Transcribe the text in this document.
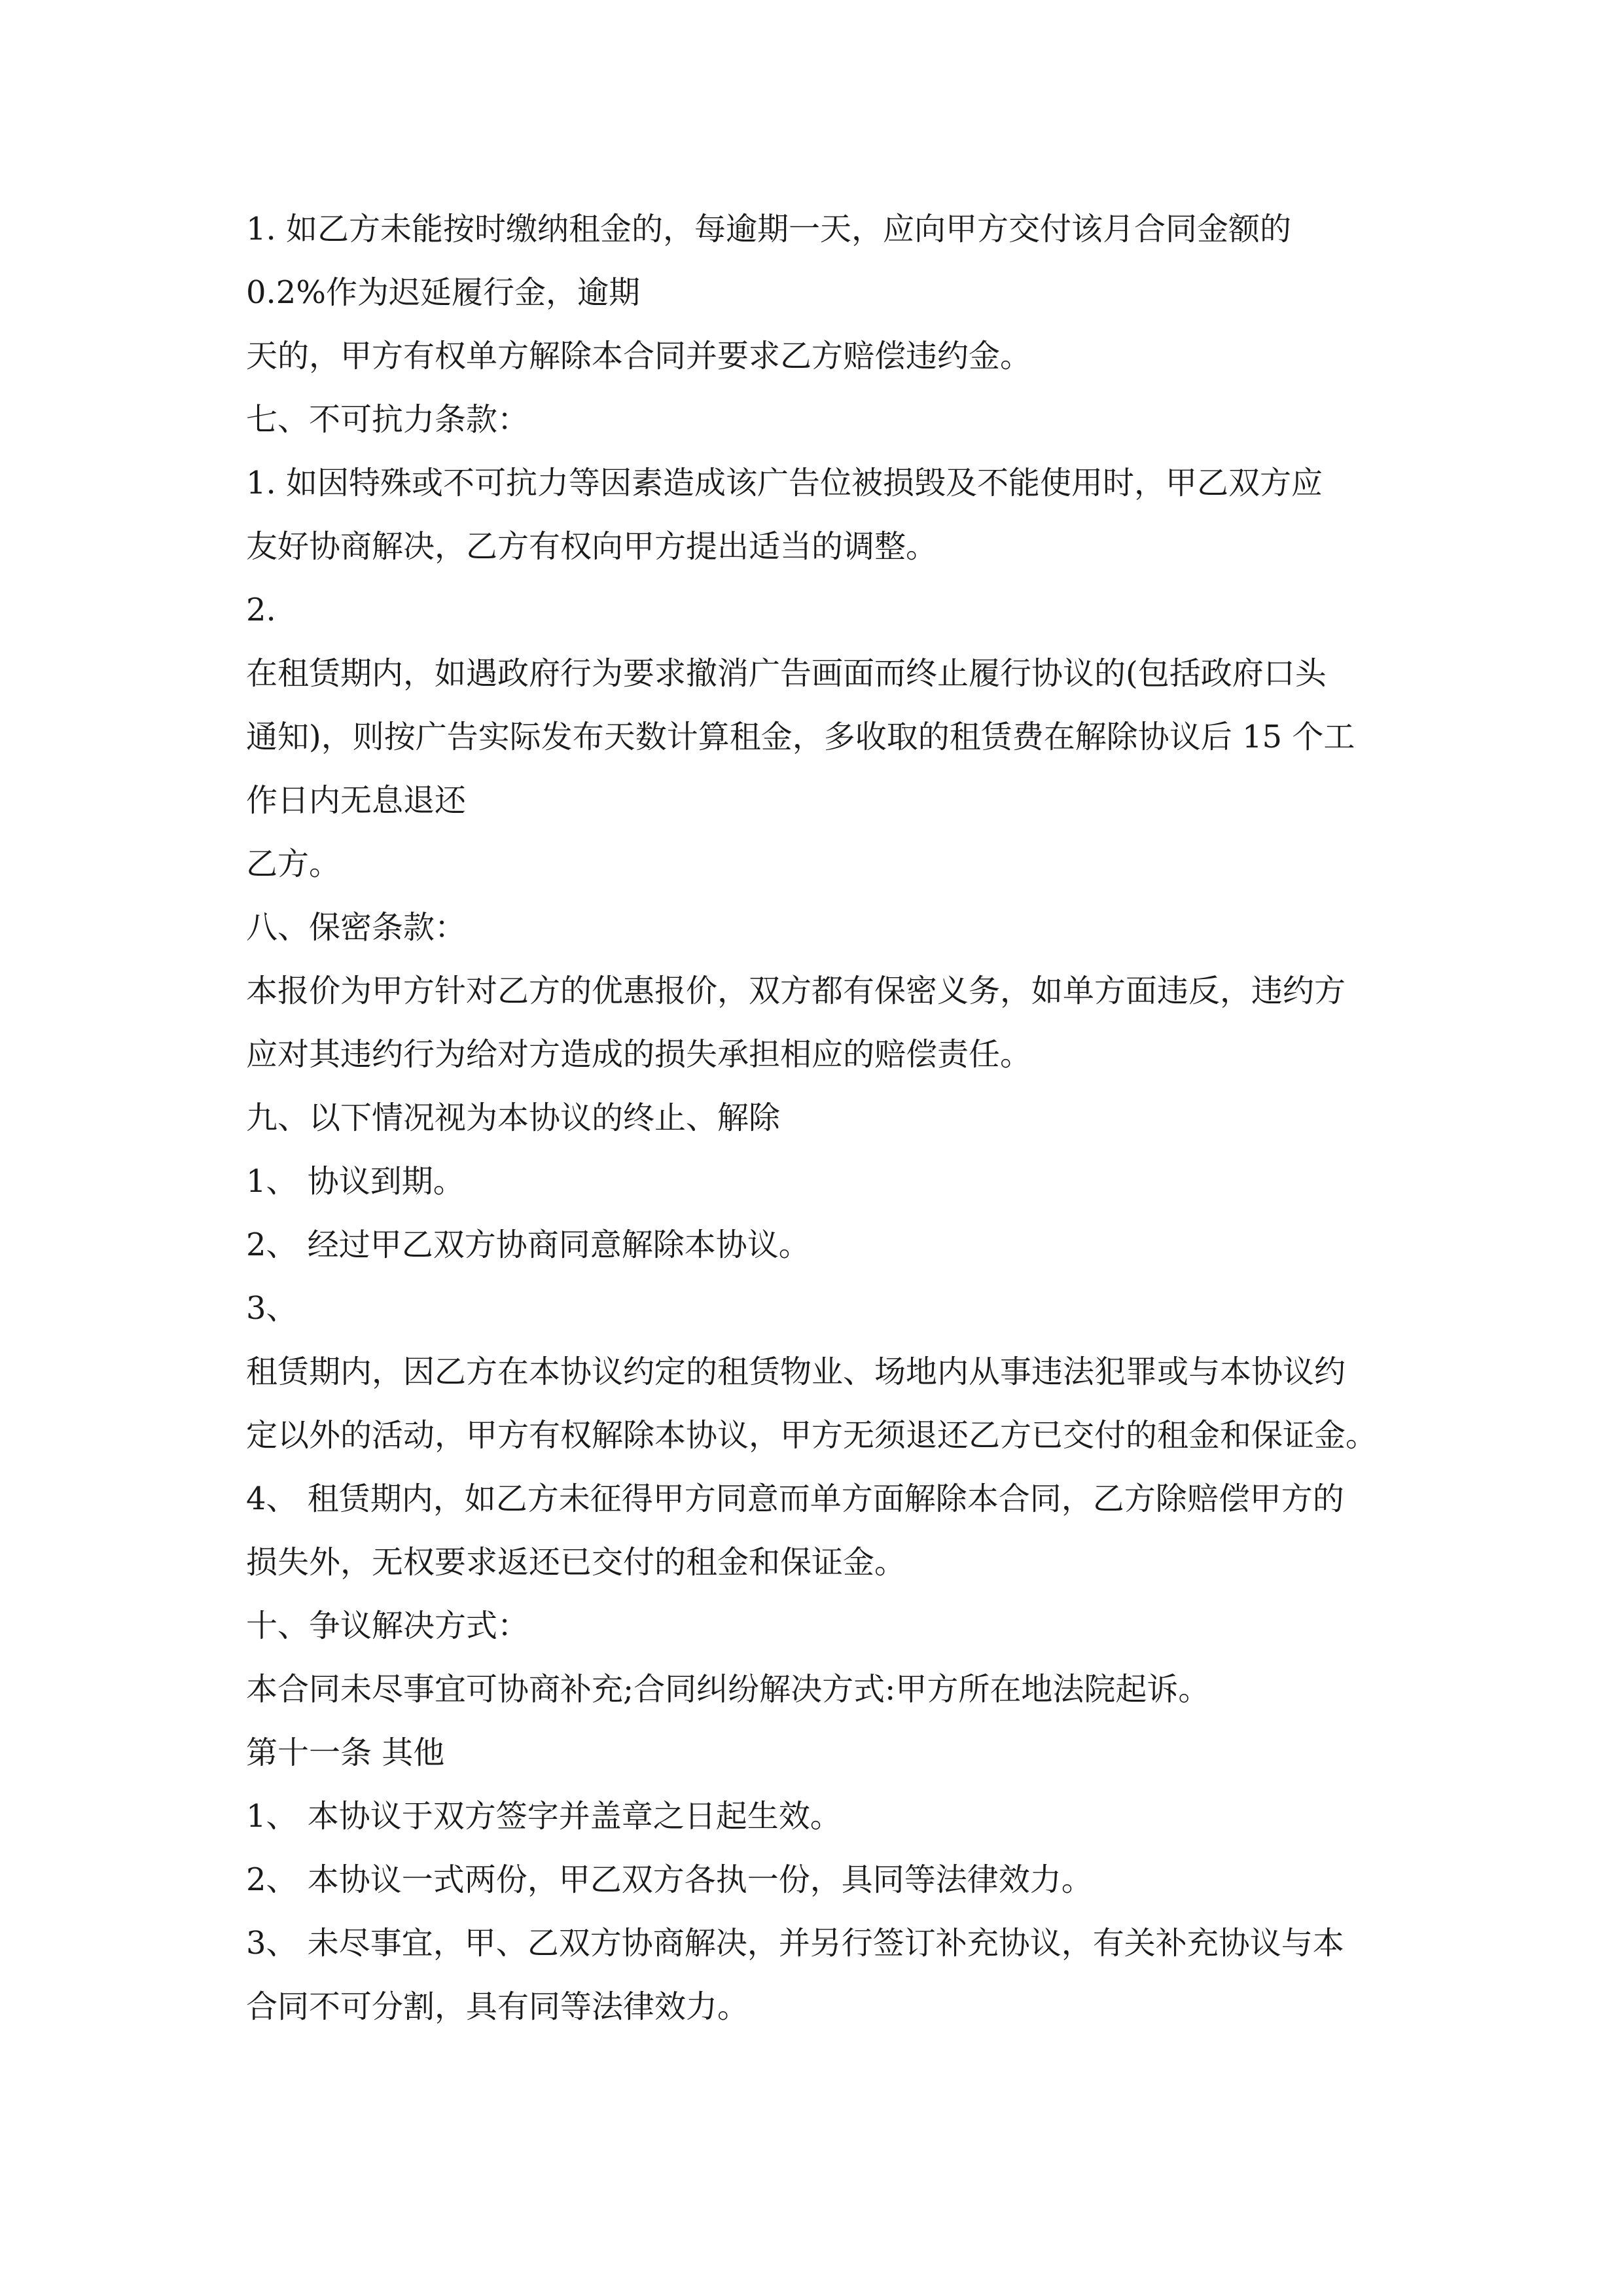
1. 如乙方未能按时缴纳租金的，每逾期一天，应向甲方交付该月合同金额的

0.2%作为迟延履行金，逾期

天的，甲方有权单方解除本合同并要求乙方赔偿违约金。

七、不可抗力条款：

1. 如因特殊或不可抗力等因素造成该广告位被损毁及不能使用时，甲乙双方应

友好协商解决，乙方有权向甲方提出适当的调整。

2.

在租赁期内，如遇政府行为要求撤消广告画面而终止履行协议的(包括政府口头

通知)，则按广告实际发布天数计算租金，多收取的租赁费在解除协议后 15 个工

作日内无息退还

乙方。

八、保密条款：

本报价为甲方针对乙方的优惠报价，双方都有保密义务，如单方面违反，违约方

应对其违约行为给对方造成的损失承担相应的赔偿责任。

九、以下情况视为本协议的终止、解除

1、 协议到期。

2、 经过甲乙双方协商同意解除本协议。

3、

租赁期内，因乙方在本协议约定的租赁物业、场地内从事违法犯罪或与本协议约

定以外的活动，甲方有权解除本协议，甲方无须退还乙方已交付的租金和保证金。

4、 租赁期内，如乙方未征得甲方同意而单方面解除本合同，乙方除赔偿甲方的

损失外，无权要求返还已交付的租金和保证金。

十、争议解决方式：

本合同未尽事宜可协商补充;合同纠纷解决方式:甲方所在地法院起诉。

第十一条 其他

1、 本协议于双方签字并盖章之日起生效。

2、 本协议一式两份，甲乙双方各执一份，具同等法律效力。

3、 未尽事宜，甲、乙双方协商解决，并另行签订补充协议，有关补充协议与本

合同不可分割，具有同等法律效力。
